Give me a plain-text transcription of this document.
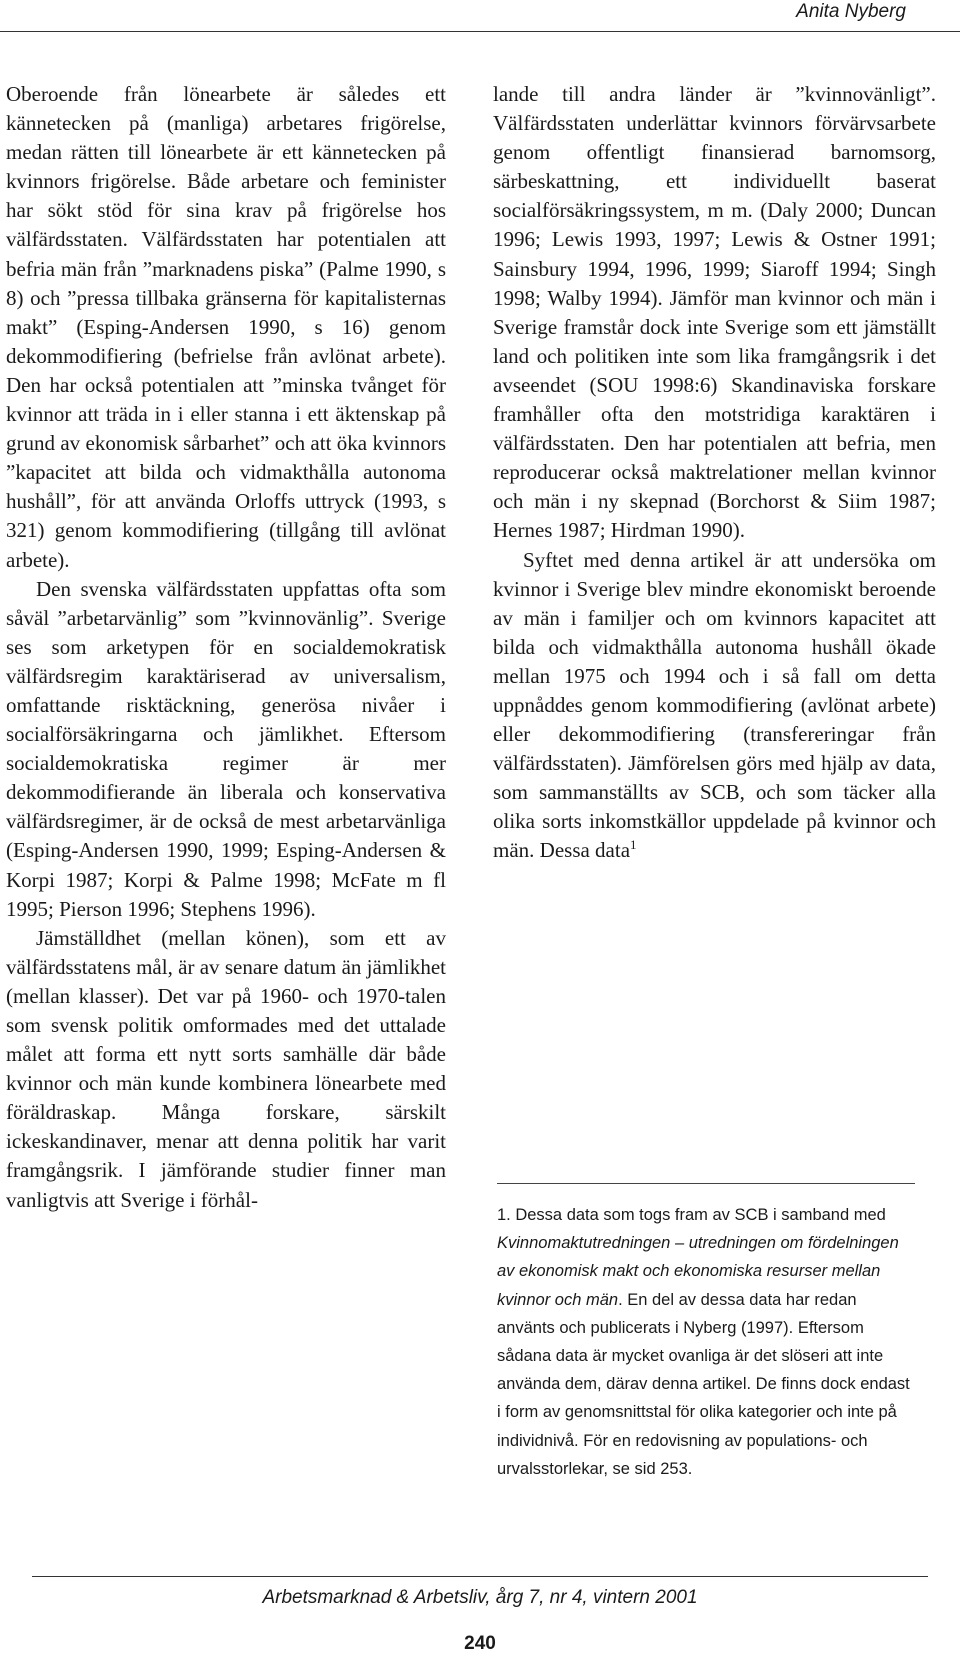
Anita Nyberg

Oberoende från lönearbete är således ett kännetecken på (manliga) arbetares frigörelse, medan rätten till lönearbete är ett kännetecken på kvinnors frigörelse. Både arbetare och feminister har sökt stöd för sina krav på frigörelse hos välfärdsstaten. Välfärdsstaten har potentialen att befria män från ”marknadens piska” (Palme 1990, s 8) och ”pressa tillbaka gränserna för kapitalisternas makt” (Esping-Andersen 1990, s 16) genom dekommodifiering (befrielse från avlönat arbete). Den har också potentialen att ”minska tvånget för kvinnor att träda in i eller stanna i ett äktenskap på grund av ekonomisk sårbarhet” och att öka kvinnors ”kapacitet att bilda och vidmakthålla autonoma hushåll”, för att använda Orloffs uttryck (1993, s 321) genom kommodifiering (tillgång till avlönat arbete).

Den svenska välfärdsstaten uppfattas ofta som såväl ”arbetarvänlig” som ”kvinnovänlig”. Sverige ses som arketypen för en socialdemokratisk välfärdsregim karaktäriserad av universalism, omfattande risktäckning, generösa nivåer i socialförsäkringarna och jämlikhet. Eftersom socialdemokratiska regimer är mer dekommodifierande än liberala och konservativa välfärdsregimer, är de också de mest arbetarvänliga (Esping-Andersen 1990, 1999; Esping-Andersen & Korpi 1987; Korpi & Palme 1998; McFate m fl 1995; Pierson 1996; Stephens 1996).

Jämställdhet (mellan könen), som ett av välfärdsstatens mål, är av senare datum än jämlikhet (mellan klasser). Det var på 1960- och 1970-talen som svensk politik omformades med det uttalade målet att forma ett nytt sorts samhälle där både kvinnor och män kunde kombinera lönearbete med föräldraskap. Många forskare, särskilt ickeskandinaver, menar att denna politik har varit framgångsrik. I jämförande studier finner man vanligtvis att Sverige i förhål-

lande till andra länder är ”kvinnovänligt”. Välfärdsstaten underlättar kvinnors förvärvsarbete genom offentligt finansierad barnomsorg, särbeskattning, ett individuellt baserat socialförsäkringssystem, m m. (Daly 2000; Duncan 1996; Lewis 1993, 1997; Lewis & Ostner 1991; Sainsbury 1994, 1996, 1999; Siaroff 1994; Singh 1998; Walby 1994). Jämför man kvinnor och män i Sverige framstår dock inte Sverige som ett jämställt land och politiken inte som lika framgångsrik i det avseendet (SOU 1998:6) Skandinaviska forskare framhåller ofta den motstridiga karaktären i välfärdsstaten. Den har potentialen att befria, men reproducerar också maktrelationer mellan kvinnor och män i ny skepnad (Borchorst & Siim 1987; Hernes 1987; Hirdman 1990).

Syftet med denna artikel är att undersöka om kvinnor i Sverige blev mindre ekonomiskt beroende av män i familjer och om kvinnors kapacitet att bilda och vidmakthålla autonoma hushåll ökade mellan 1975 och 1994 och i så fall om detta uppnåddes genom kommodifiering (avlönat arbete) eller dekommodifiering (transfereringar från välfärdsstaten). Jämförelsen görs med hjälp av data, som sammanställts av SCB, och som täcker alla olika sorts inkomstkällor uppdelade på kvinnor och män. Dessa data$^1$

1. Dessa data som togs fram av SCB i samband med Kvinnomaktutredningen – utredningen om fördelningen av ekonomisk makt och ekonomiska resurser mellan kvinnor och män. En del av dessa data har redan använts och publicerats i Nyberg (1997). Eftersom sådana data är mycket ovanliga är det slöseri att inte använda dem, därav denna artikel. De finns dock endast i form av genomsnittstal för olika kategorier och inte på individnivå. För en redovisning av populations- och urvalsstorlekar, se sid 253.
Arbetsmarknad & Arbetsliv, årg 7, nr 4, vintern 2001
240
